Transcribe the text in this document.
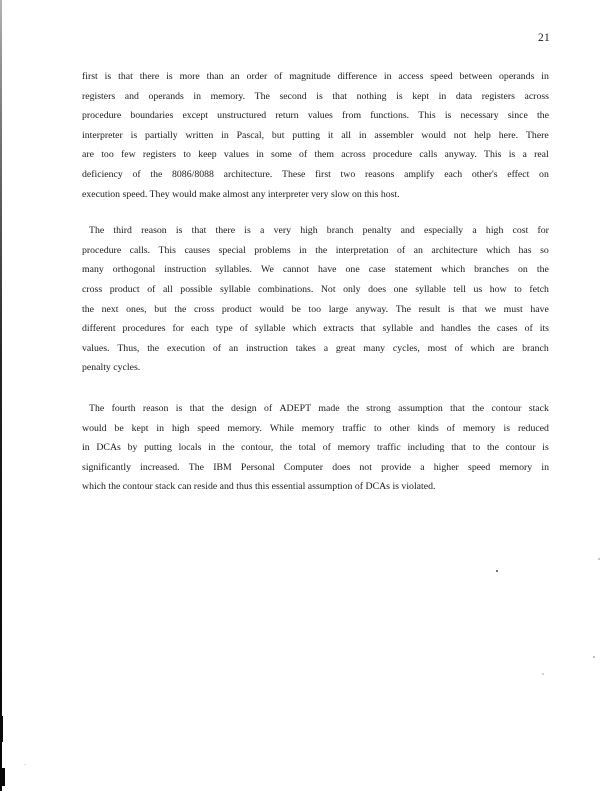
21
first is that there is more than an order of magnitude difference in access speed between operands in
registers and operands in memory. The second is that nothing is kept in data registers across
procedure boundaries except unstructured return values from functions. This is necessary since the
interpreter is partially written in Pascal, but putting it all in assembler would not help here. There
are too few registers to keep values in some of them across procedure calls anyway. This is a real
deficiency of the 8086/8088 architecture. These first two reasons amplify each other's effect on
execution speed. They would make almost any interpreter very slow on this host.
The third reason is that there is a very high branch penalty and especially a high cost for
procedure calls. This causes special problems in the interpretation of an architecture which has so
many orthogonal instruction syllables. We cannot have one case statement which branches on the
cross product of all possible syllable combinations. Not only does one syllable tell us how to fetch
the next ones, but the cross product would be too large anyway. The result is that we must have
different procedures for each type of syllable which extracts that syllable and handles the cases of its
values. Thus, the execution of an instruction takes a great many cycles, most of which are branch
penalty cycles.
The fourth reason is that the design of ADEPT made the strong assumption that the contour stack
would be kept in high speed memory. While memory traffic to other kinds of memory is reduced
in DCAs by putting locals in the contour, the total of memory traffic including that to the contour is
significantly increased. The IBM Personal Computer does not provide a higher speed memory in
which the contour stack can reside and thus this essential assumption of DCAs is violated.
